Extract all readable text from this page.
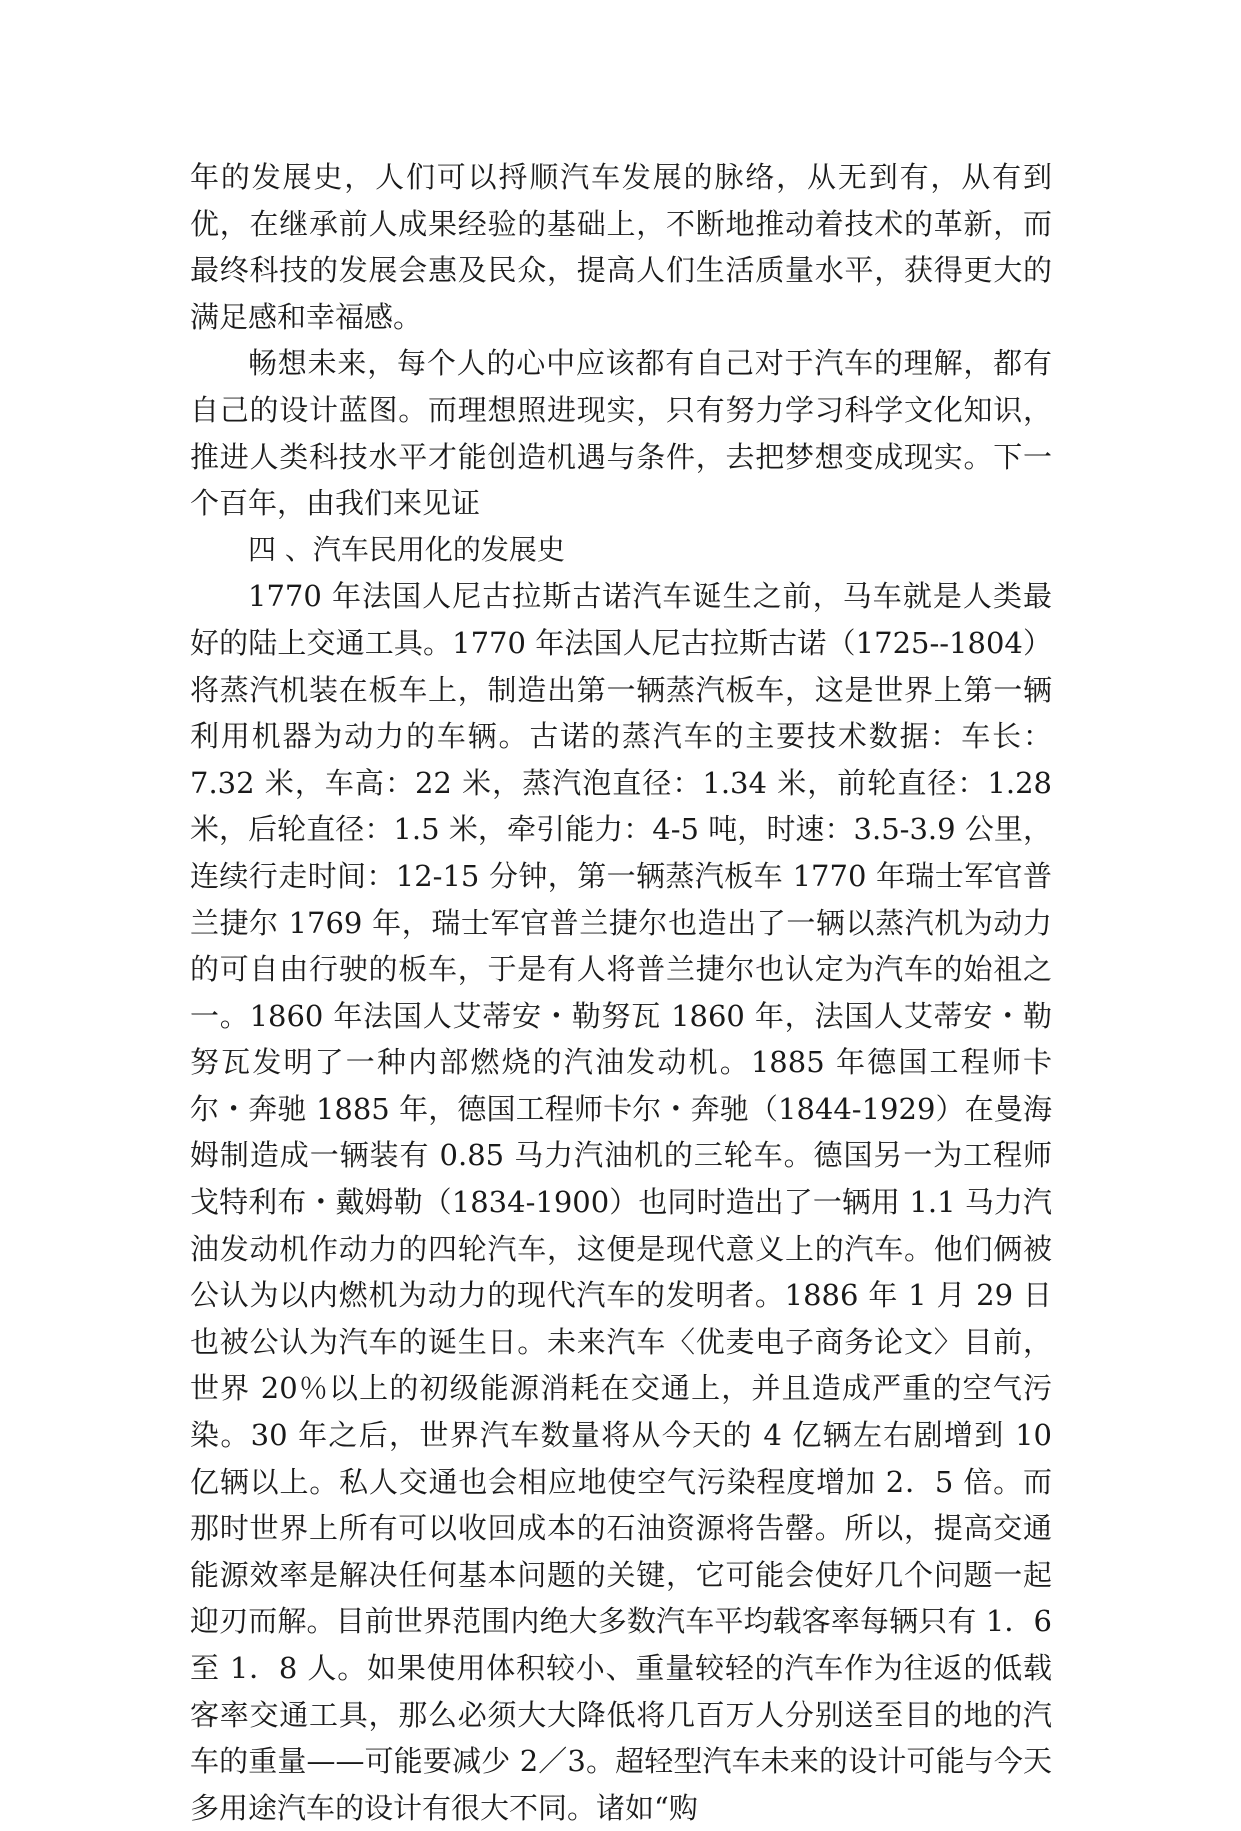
年的发展史，人们可以捋顺汽车发展的脉络，从无到有，从有到优，在继承前人成果经验的基础上，不断地推动着技术的革新，而最终科技的发展会惠及民众，提高人们生活质量水平，获得更大的满足感和幸福感。

畅想未来，每个人的心中应该都有自己对于汽车的理解，都有自己的设计蓝图。而理想照进现实，只有努力学习科学文化知识，推进人类科技水平才能创造机遇与条件，去把梦想变成现实。下一个百年，由我们来见证

四 、汽车民用化的发展史

1770 年法国人尼古拉斯古诺汽车诞生之前，马车就是人类最好的陆上交通工具。1770 年法国人尼古拉斯古诺（1725--1804）将蒸汽机装在板车上，制造出第一辆蒸汽板车，这是世界上第一辆利用机器为动力的车辆。古诺的蒸汽车的主要技术数据：车长：7.32 米，车高：22 米，蒸汽泡直径：1.34 米，前轮直径：1.28 米，后轮直径：1.5 米，牵引能力：4-5 吨，时速：3.5-3.9 公里，连续行走时间：12-15 分钟，第一辆蒸汽板车 1770 年瑞士军官普兰捷尔 1769 年，瑞士军官普兰捷尔也造出了一辆以蒸汽机为动力的可自由行驶的板车，于是有人将普兰捷尔也认定为汽车的始祖之一。1860 年法国人艾蒂安・勒努瓦 1860 年，法国人艾蒂安・勒努瓦发明了一种内部燃烧的汽油发动机。1885 年德国工程师卡尔・奔驰 1885 年，德国工程师卡尔・奔驰（1844-1929）在曼海姆制造成一辆装有 0.85 马力汽油机的三轮车。德国另一为工程师戈特利布・戴姆勒（1834-1900）也同时造出了一辆用 1.1 马力汽油发动机作动力的四轮汽车，这便是现代意义上的汽车。他们俩被公认为以内燃机为动力的现代汽车的发明者。1886 年 1 月 29 日也被公认为汽车的诞生日。未来汽车〈优麦电子商务论文〉目前，世界 20％以上的初级能源消耗在交通上，并且造成严重的空气污染。30 年之后，世界汽车数量将从今天的 4 亿辆左右剧增到 10 亿辆以上。私人交通也会相应地使空气污染程度增加 2．5 倍。而那时世界上所有可以收回成本的石油资源将告罄。所以，提高交通能源效率是解决任何基本问题的关键，它可能会使好几个问题一起迎刃而解。目前世界范围内绝大多数汽车平均载客率每辆只有 1．6 至 1．8 人。如果使用体积较小、重量较轻的汽车作为往返的低载客率交通工具，那么必须大大降低将几百万人分别送至目的地的汽车的重量——可能要减少 2／3。超轻型汽车未来的设计可能与今天多用途汽车的设计有很大不同。诸如“购
